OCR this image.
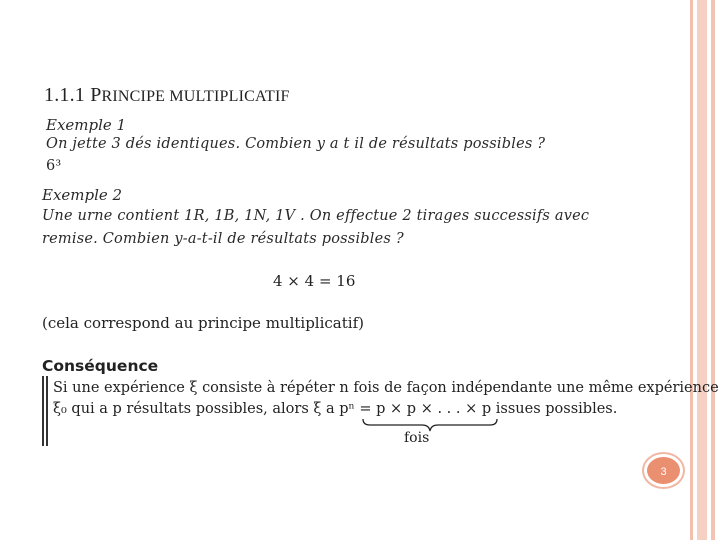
1.1.1 PRINCIPE MULTIPLICATIF
Exemple 1
On jette 3 dés identiques. Combien y a t il de résultats possibles ?
6³
Exemple 2
Une urne contient 1R, 1B, 1N, 1V . On effectue 2 tirages successifs avec
remise. Combien y-a-t-il de résultats possibles ?
4 × 4 = 16
(cela correspond au principe multiplicatif)
Conséquence
Si une expérience ξ consiste à répéter n fois de façon indépendante une même expérience
ξ₀ qui a p résultats possibles, alors ξ a pⁿ = p × p × . . . × p issues possibles.
fois
3
